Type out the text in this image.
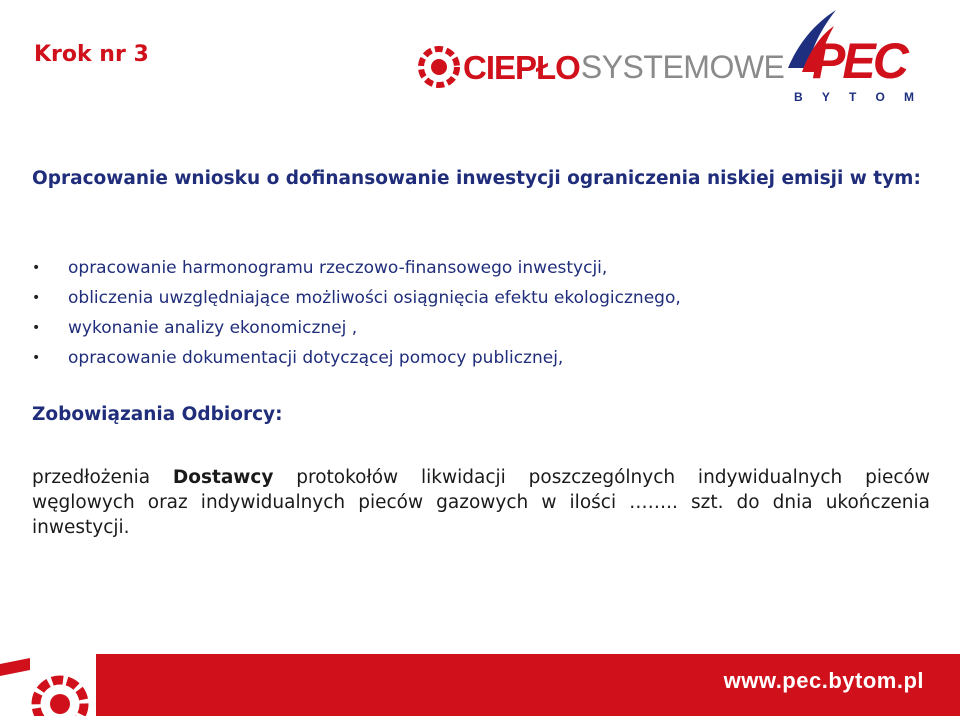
Krok nr 3	CIEPŁO SYSTEMOWE PEC
B Y T O M

Opracowanie wniosku o dofinansowanie inwestycji ograniczenia niskiej emisji w tym:

• opracowanie harmonogramu rzeczowo-finansowego inwestycji,
• obliczenia uwzględniające możliwości osiągnięcia efektu ekologicznego,
• wykonanie analizy ekonomicznej ,
• opracowanie dokumentacji dotyczącej pomocy publicznej,
Zobowiązania Odbiorcy:

przedłożenia Dostawcy protokołów likwidacji poszczególnych indywidualnych pieców węglowych oraz indywidualnych pieców gazowych w ilości …….. szt. do dnia ukończenia inwestycji.

www.pec.bytom.pl
